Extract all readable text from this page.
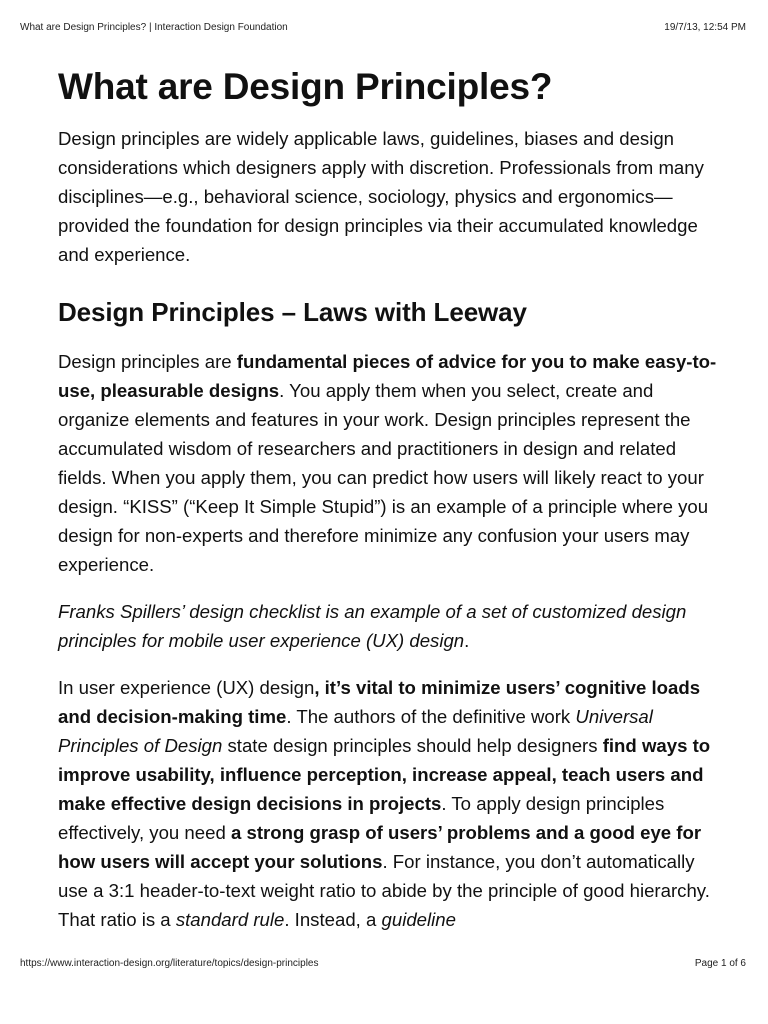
What are Design Principles? | Interaction Design Foundation	19/7/13, 12:54 PM
What are Design Principles?

Design principles are widely applicable laws, guidelines, biases and design considerations which designers apply with discretion. Professionals from many disciplines—e.g., behavioral science, sociology, physics and ergonomics—provided the foundation for design principles via their accumulated knowledge and experience.

Design Principles – Laws with Leeway

Design principles are fundamental pieces of advice for you to make easy-to-use, pleasurable designs. You apply them when you select, create and organize elements and features in your work. Design principles represent the accumulated wisdom of researchers and practitioners in design and related fields. When you apply them, you can predict how users will likely react to your design. “KISS” (“Keep It Simple Stupid”) is an example of a principle where you design for non-experts and therefore minimize any confusion your users may experience.

Franks Spillers’ design checklist is an example of a set of customized design principles for mobile user experience (UX) design.

In user experience (UX) design, it’s vital to minimize users’ cognitive loads and decision-making time. The authors of the definitive work Universal Principles of Design state design principles should help designers find ways to improve usability, influence perception, increase appeal, teach users and make effective design decisions in projects. To apply design principles effectively, you need a strong grasp of users’ problems and a good eye for how users will accept your solutions. For instance, you don’t automatically use a 3:1 header-to-text weight ratio to abide by the principle of good hierarchy. That ratio is a standard rule. Instead, a guideline

https://www.interaction-design.org/literature/topics/design-principles	Page 1 of 6
